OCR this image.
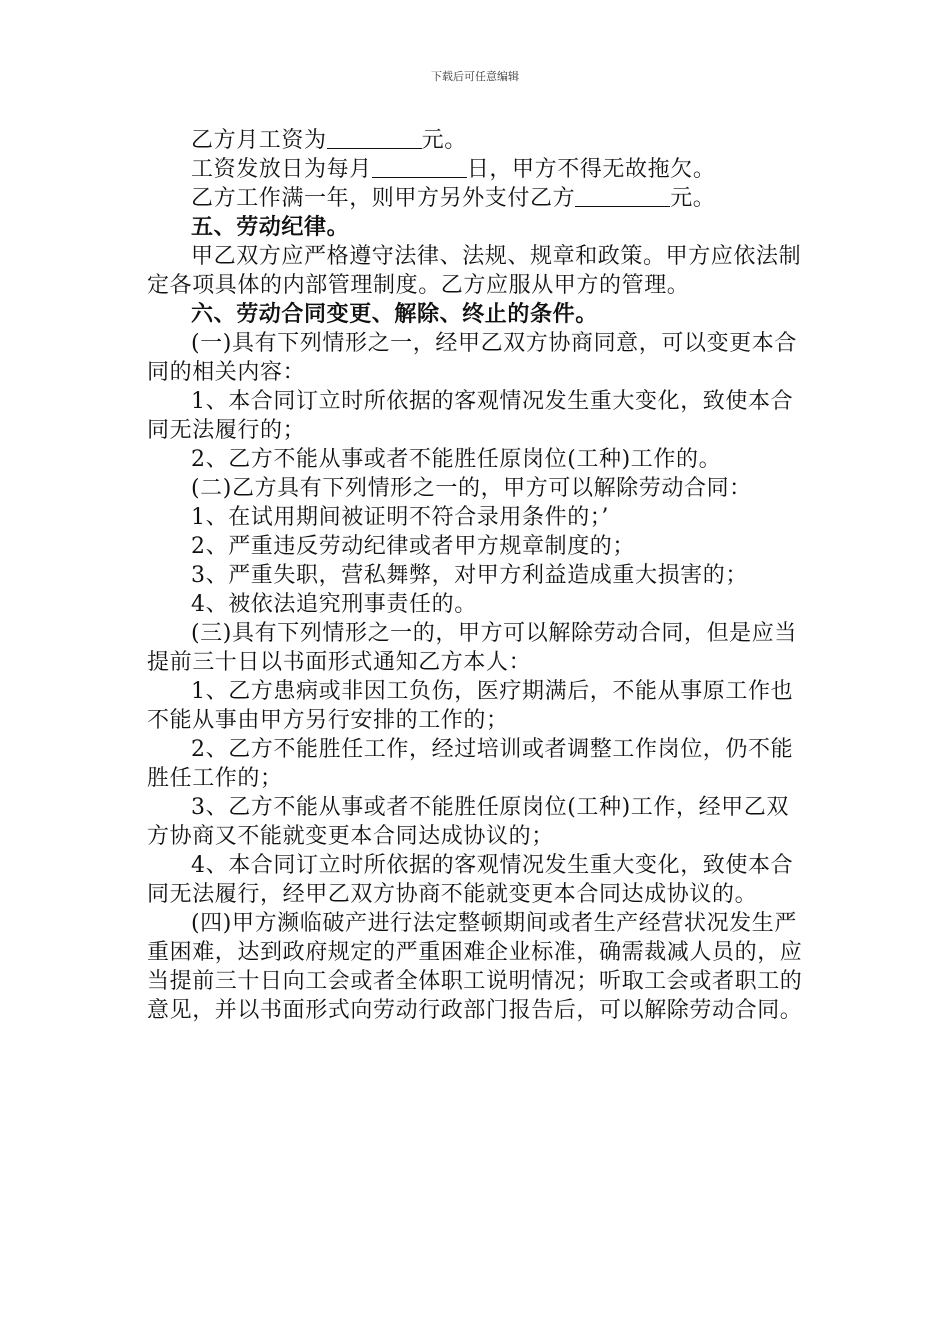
下载后可任意编辑

乙方月工资为	元。

工资发放日为每月	日，甲方不得无故拖欠。

乙方工作满一年，则甲方另外支付乙方	元。

五、劳动纪律。

甲乙双方应严格遵守法律、法规、规章和政策。甲方应依法制定各项具体的内部管理制度。乙方应服从甲方的管理。

六、劳动合同变更、解除、终止的条件。

(一)具有下列情形之一，经甲乙双方协商同意，可以变更本合同的相关内容：

1、本合同订立时所依据的客观情况发生重大变化，致使本合同无法履行的；

2、乙方不能从事或者不能胜任原岗位(工种)工作的。

(二)乙方具有下列情形之一的，甲方可以解除劳动合同：

1、在试用期间被证明不符合录用条件的；’

2、严重违反劳动纪律或者甲方规章制度的；

3、严重失职，营私舞弊，对甲方利益造成重大损害的；

4、被依法追究刑事责任的。

(三)具有下列情形之一的，甲方可以解除劳动合同，但是应当提前三十日以书面形式通知乙方本人：

1、乙方患病或非因工负伤，医疗期满后，不能从事原工作也不能从事由甲方另行安排的工作的；

2、乙方不能胜任工作，经过培训或者调整工作岗位，仍不能胜任工作的；

3、乙方不能从事或者不能胜任原岗位(工种)工作，经甲乙双方协商又不能就变更本合同达成协议的；

4、本合同订立时所依据的客观情况发生重大变化，致使本合同无法履行，经甲乙双方协商不能就变更本合同达成协议的。

(四)甲方濒临破产进行法定整顿期间或者生产经营状况发生严重困难，达到政府规定的严重困难企业标准，确需裁减人员的，应当提前三十日向工会或者全体职工说明情况；听取工会或者职工的意见，并以书面形式向劳动行政部门报告后，可以解除劳动合同。
